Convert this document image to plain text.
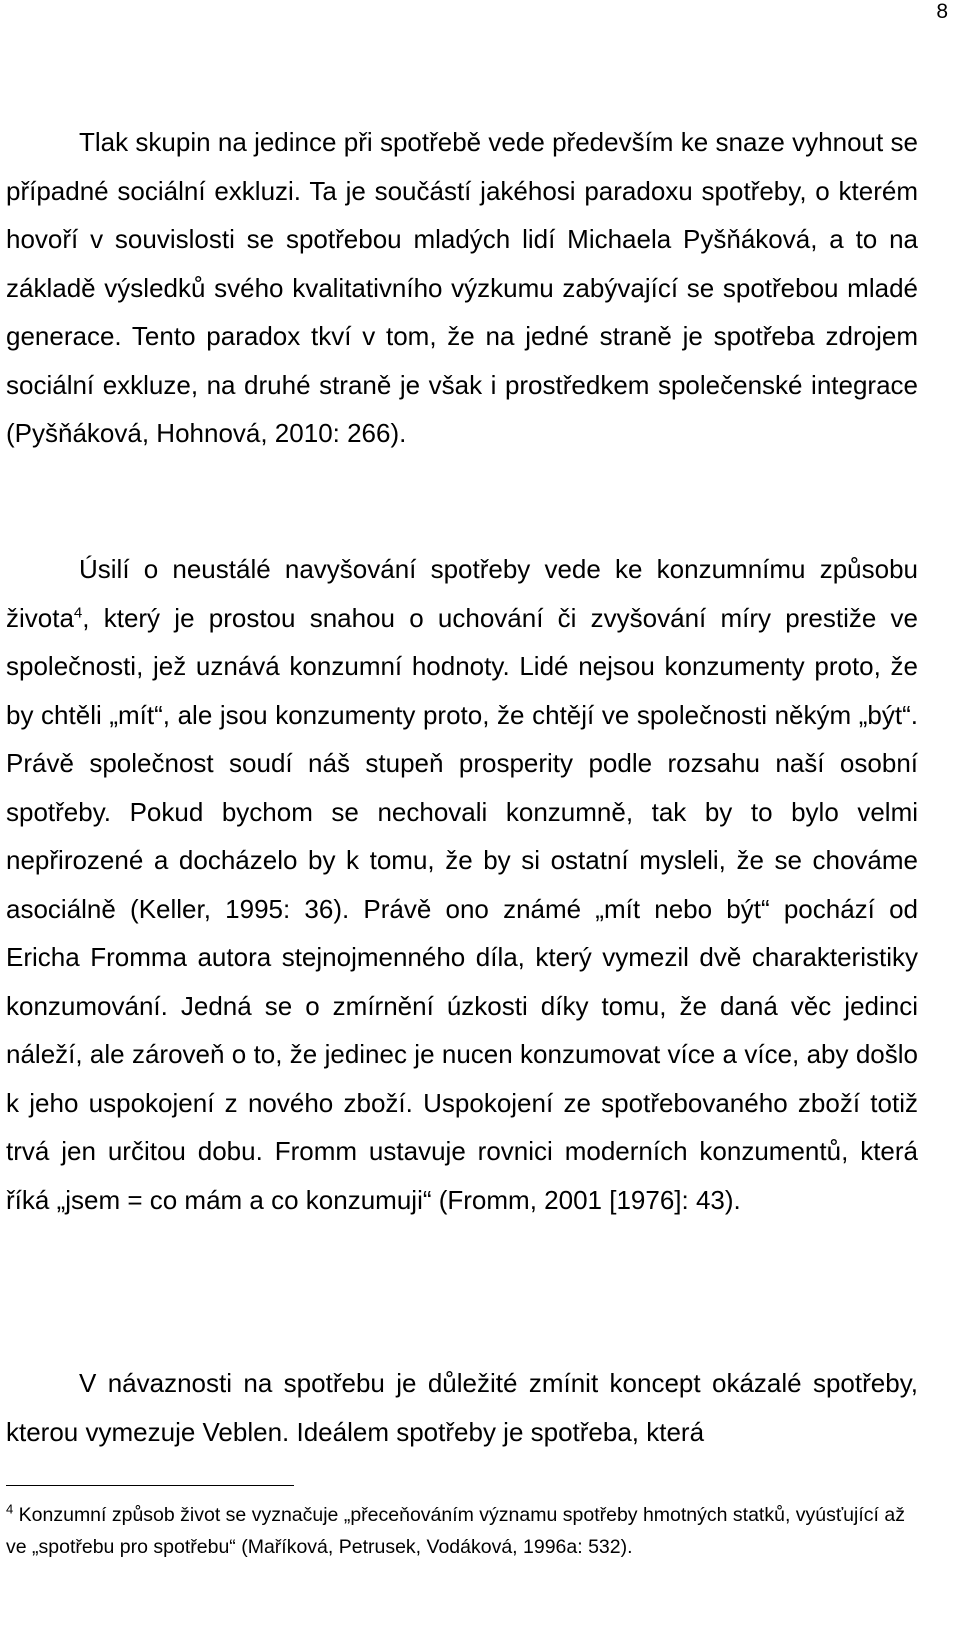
8

Tlak skupin na jedince při spotřebě vede především ke snaze vyhnout se případné sociální exkluzi. Ta je součástí jakéhosi paradoxu spotřeby, o kterém hovoří v souvislosti se spotřebou mladých lidí Michaela Pyšňáková, a to na základě výsledků svého kvalitativního výzkumu zabývající se spotřebou mladé generace. Tento paradox tkví v tom, že na jedné straně je spotřeba zdrojem sociální exkluze, na druhé straně je však i prostředkem společenské integrace (Pyšňáková, Hohnová, 2010: 266).

Úsilí o neustálé navyšování spotřeby vede ke konzumnímu způsobu života$^4$, který je prostou snahou o uchování či zvyšování míry prestiže ve společnosti, jež uznává konzumní hodnoty. Lidé nejsou konzumenty proto, že by chtěli „mít“, ale jsou konzumenty proto, že chtějí ve společnosti někým „být“. Právě společnost soudí náš stupeň prosperity podle rozsahu naší osobní spotřeby. Pokud bychom se nechovali konzumně, tak by to bylo velmi nepřirozené a docházelo by k tomu, že by si ostatní mysleli, že se chováme asociálně (Keller, 1995: 36). Právě ono známé „mít nebo být“ pochází od Ericha Fromma autora stejnojmenného díla, který vymezil dvě charakteristiky konzumování. Jedná se o zmírnění úzkosti díky tomu, že daná věc jedinci náleží, ale zároveň o to, že jedinec je nucen konzumovat více a více, aby došlo k jeho uspokojení z nového zboží. Uspokojení ze spotřebovaného zboží totiž trvá jen určitou dobu. Fromm ustavuje rovnici moderních konzumentů, která říká „jsem = co mám a co konzumuji“ (Fromm, 2001 [1976]: 43).

V návaznosti na spotřebu je důležité zmínit koncept okázalé spotřeby, kterou vymezuje Veblen. Ideálem spotřeby je spotřeba, která

$^4$ Konzumní způsob život se vyznačuje „přeceňováním významu spotřeby hmotných statků, vyúsťující až ve „spotřebu pro spotřebu“ (Maříková, Petrusek, Vodáková, 1996a: 532).
